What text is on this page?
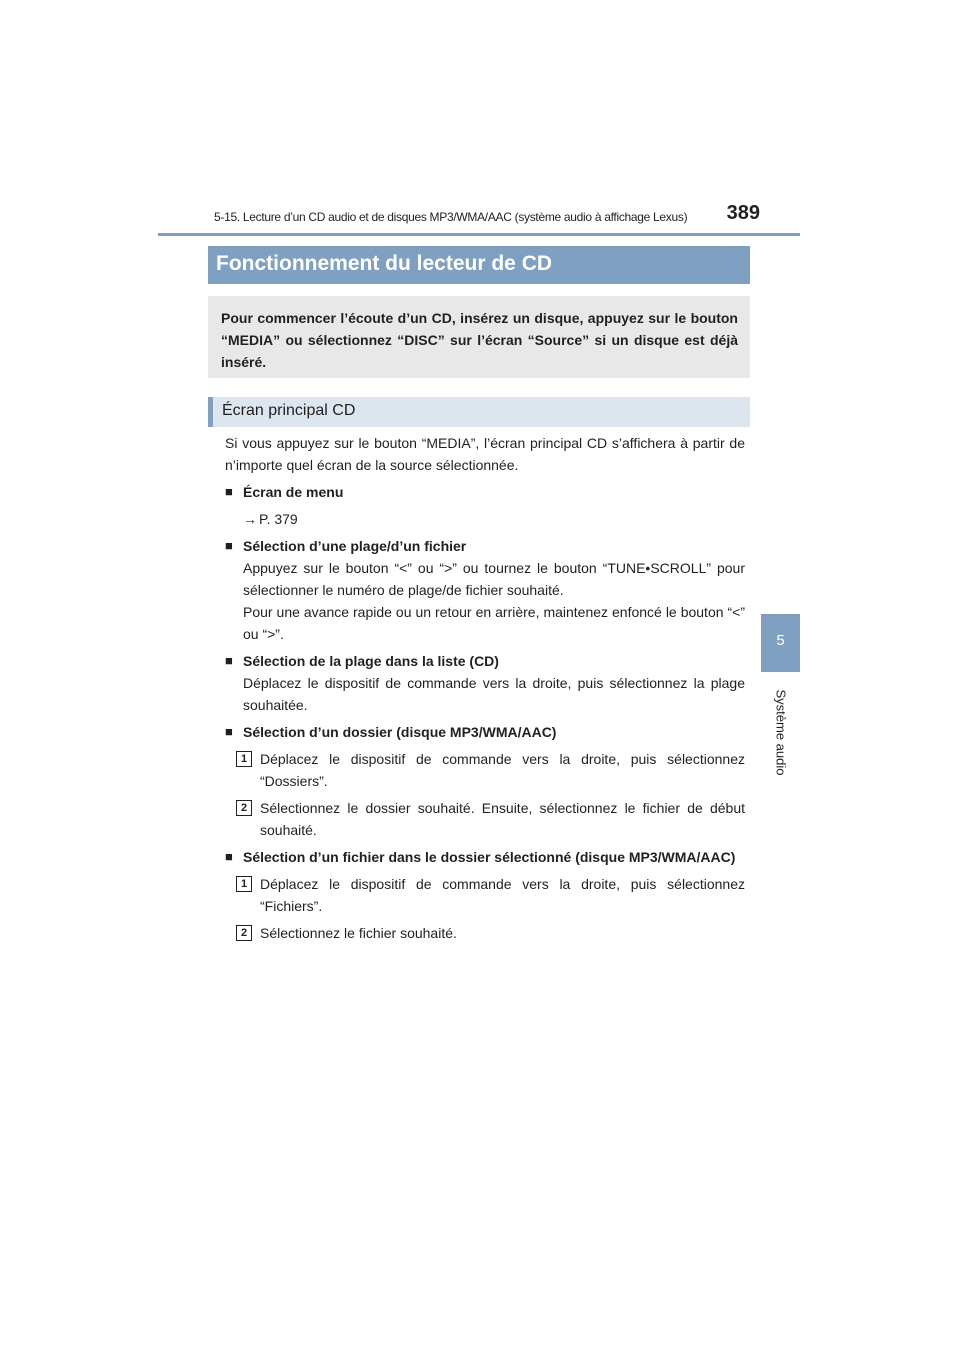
5-15. Lecture d’un CD audio et de disques MP3/WMA/AAC (système audio à affichage Lexus)	389
5
Système audio
Fonctionnement du lecteur de CD
Pour commencer l’écoute d’un CD, insérez un disque, appuyez sur le bouton “MEDIA” ou sélectionnez “DISC” sur l’écran “Source” si un disque est déjà inséré.
Écran principal CD

Si vous appuyez sur le bouton “MEDIA”, l’écran principal CD s’affichera à partir de n’importe quel écran de la source sélectionnée.

■ Écran de menu
→ P. 379
■ Sélection d’une plage/d’un fichier

Appuyez sur le bouton “<” ou “>” ou tournez le bouton “TUNE•SCROLL” pour sélectionner le numéro de plage/de fichier souhaité.

Pour une avance rapide ou un retour en arrière, maintenez enfoncé le bouton “<” ou “>”.

■ Sélection de la plage dans la liste (CD)

Déplacez le dispositif de commande vers la droite, puis sélectionnez la plage souhaitée.

■ Sélection d’un dossier (disque MP3/WMA/AAC)
1 Déplacez le dispositif de commande vers la droite, puis sélectionnez “Dossiers”.

2 Sélectionnez le dossier souhaité. Ensuite, sélectionnez le fichier de début souhaité.

■ Sélection d’un fichier dans le dossier sélectionné (disque MP3/WMA/AAC)
1 Déplacez le dispositif de commande vers la droite, puis sélectionnez “Fichiers”.

2 Sélectionnez le fichier souhaité.
